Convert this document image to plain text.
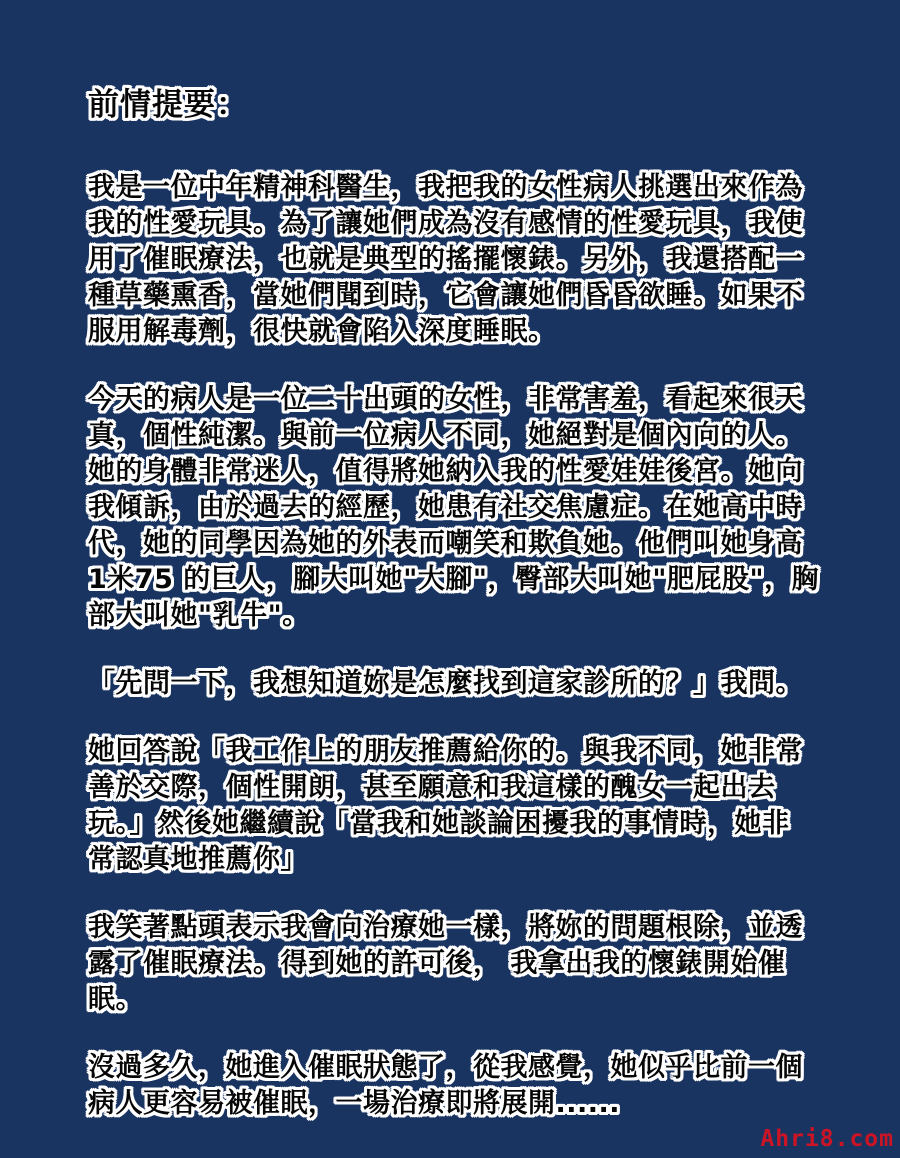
前情提要：
我是一位中年精神科醫生，我把我的女性病人挑選出來作為
我的性愛玩具。為了讓她們成為沒有感情的性愛玩具，我使
用了催眠療法，也就是典型的搖擺懷錶。另外，我還搭配一
種草藥熏香，當她們聞到時，它會讓她們昏昏欲睡。如果不
服用解毒劑，很快就會陷入深度睡眠。
今天的病人是一位二十出頭的女性，非常害羞，看起來很天
真，個性純潔。與前一位病人不同，她絕對是個內向的人。
她的身體非常迷人，值得將她納入我的性愛娃娃後宮。她向
我傾訴，由於過去的經歷，她患有社交焦慮症。在她高中時
代，她的同學因為她的外表而嘲笑和欺負她。他們叫她身高
1米75 的巨人，腳大叫她"大腳"，臀部大叫她"肥屁股"，胸
部大叫她"乳牛"。
「先問一下，我想知道妳是怎麼找到這家診所的？」我問。
她回答說「我工作上的朋友推薦給你的。與我不同，她非常
善於交際，個性開朗，甚至願意和我這樣的醜女一起出去
玩。」然後她繼續說「當我和她談論困擾我的事情時，她非
常認真地推薦你」
我笑著點頭表示我會向治療她一樣，將妳的問題根除，並透
露了催眠療法。得到她的許可後， 我拿出我的懷錶開始催
眠。
沒過多久，她進入催眠狀態了，從我感覺，她似乎比前一個
病人更容易被催眠，一場治療即將展開......
Ahri8.com
